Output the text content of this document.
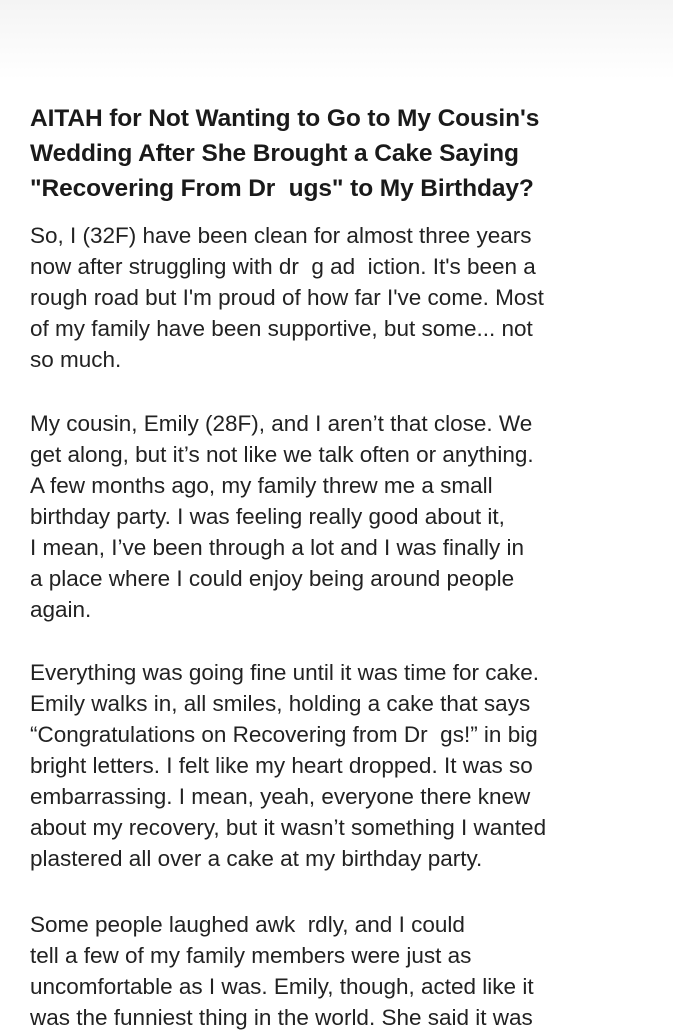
AITAH for Not Wanting to Go to My Cousin's
Wedding After She Brought a Cake Saying
"Recovering From Dr  ugs" to My Birthday?

So, I (32F) have been clean for almost three years
now after struggling with dr  g ad  iction. It's been a
rough road but I'm proud of how far I've come. Most
of my family have been supportive, but some... not
so much.

My cousin, Emily (28F), and I aren’t that close. We
get along, but it’s not like we talk often or anything.
A few months ago, my family threw me a small
birthday party. I was feeling really good about it,
I mean, I’ve been through a lot and I was finally in
a place where I could enjoy being around people
again.

Everything was going fine until it was time for cake.
Emily walks in, all smiles, holding a cake that says
“Congratulations on Recovering from Dr  gs!” in big
bright letters. I felt like my heart dropped. It was so
embarrassing. I mean, yeah, everyone there knew
about my recovery, but it wasn’t something I wanted
plastered all over a cake at my birthday party.

Some people laughed awk  rdly, and I could
tell a few of my family members were just as
uncomfortable as I was. Emily, though, acted like it
was the funniest thing in the world. She said it was
